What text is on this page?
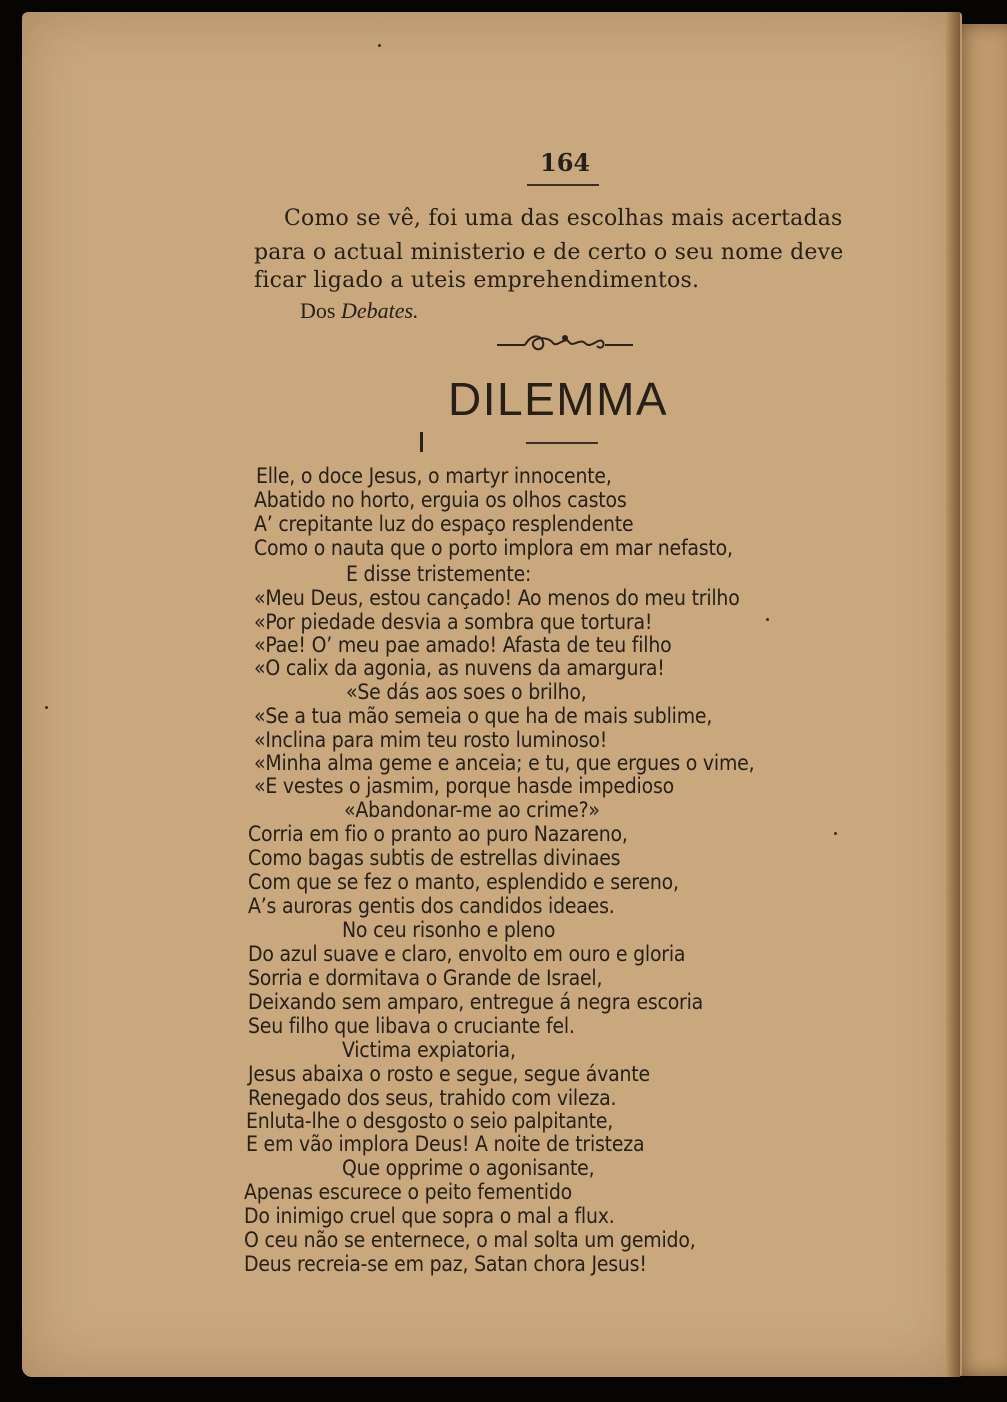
164
Como se vê, foi uma das escolhas mais acertadas
para o actual ministerio e de certo o seu nome deve
ficar ligado a uteis emprehendimentos.
Dos Debates.
DILEMMA
Elle, o doce Jesus, o martyr innocente,
Abatido no horto, erguia os olhos castos
A’ crepitante luz do espaço resplendente
Como o nauta que o porto implora em mar nefasto,
E disse tristemente:
«Meu Deus, estou cançado! Ao menos do meu trilho
«Por piedade desvia a sombra que tortura!
«Pae! O’ meu pae amado! Afasta de teu filho
«O calix da agonia, as nuvens da amargura!
«Se dás aos soes o brilho,
«Se a tua mão semeia o que ha de mais sublime,
«Inclina para mim teu rosto luminoso!
«Minha alma geme e anceia; e tu, que ergues o vime,
«E vestes o jasmim, porque hasde impedioso
«Abandonar-me ao crime?»
Corria em fio o pranto ao puro Nazareno,
Como bagas subtis de estrellas divinaes
Com que se fez o manto, esplendido e sereno,
A’s auroras gentis dos candidos ideaes.
No ceu risonho e pleno
Do azul suave e claro, envolto em ouro e gloria
Sorria e dormitava o Grande de Israel,
Deixando sem amparo, entregue á negra escoria
Seu filho que libava o cruciante fel.
Victima expiatoria,
Jesus abaixa o rosto e segue, segue ávante
Renegado dos seus, trahido com vileza.
Enluta-lhe o desgosto o seio palpitante,
E em vão implora Deus! A noite de tristeza
Que opprime o agonisante,
Apenas escurece o peito fementido
Do inimigo cruel que sopra o mal a flux.
O ceu não se enternece, o mal solta um gemido,
Deus recreia-se em paz, Satan chora Jesus!
